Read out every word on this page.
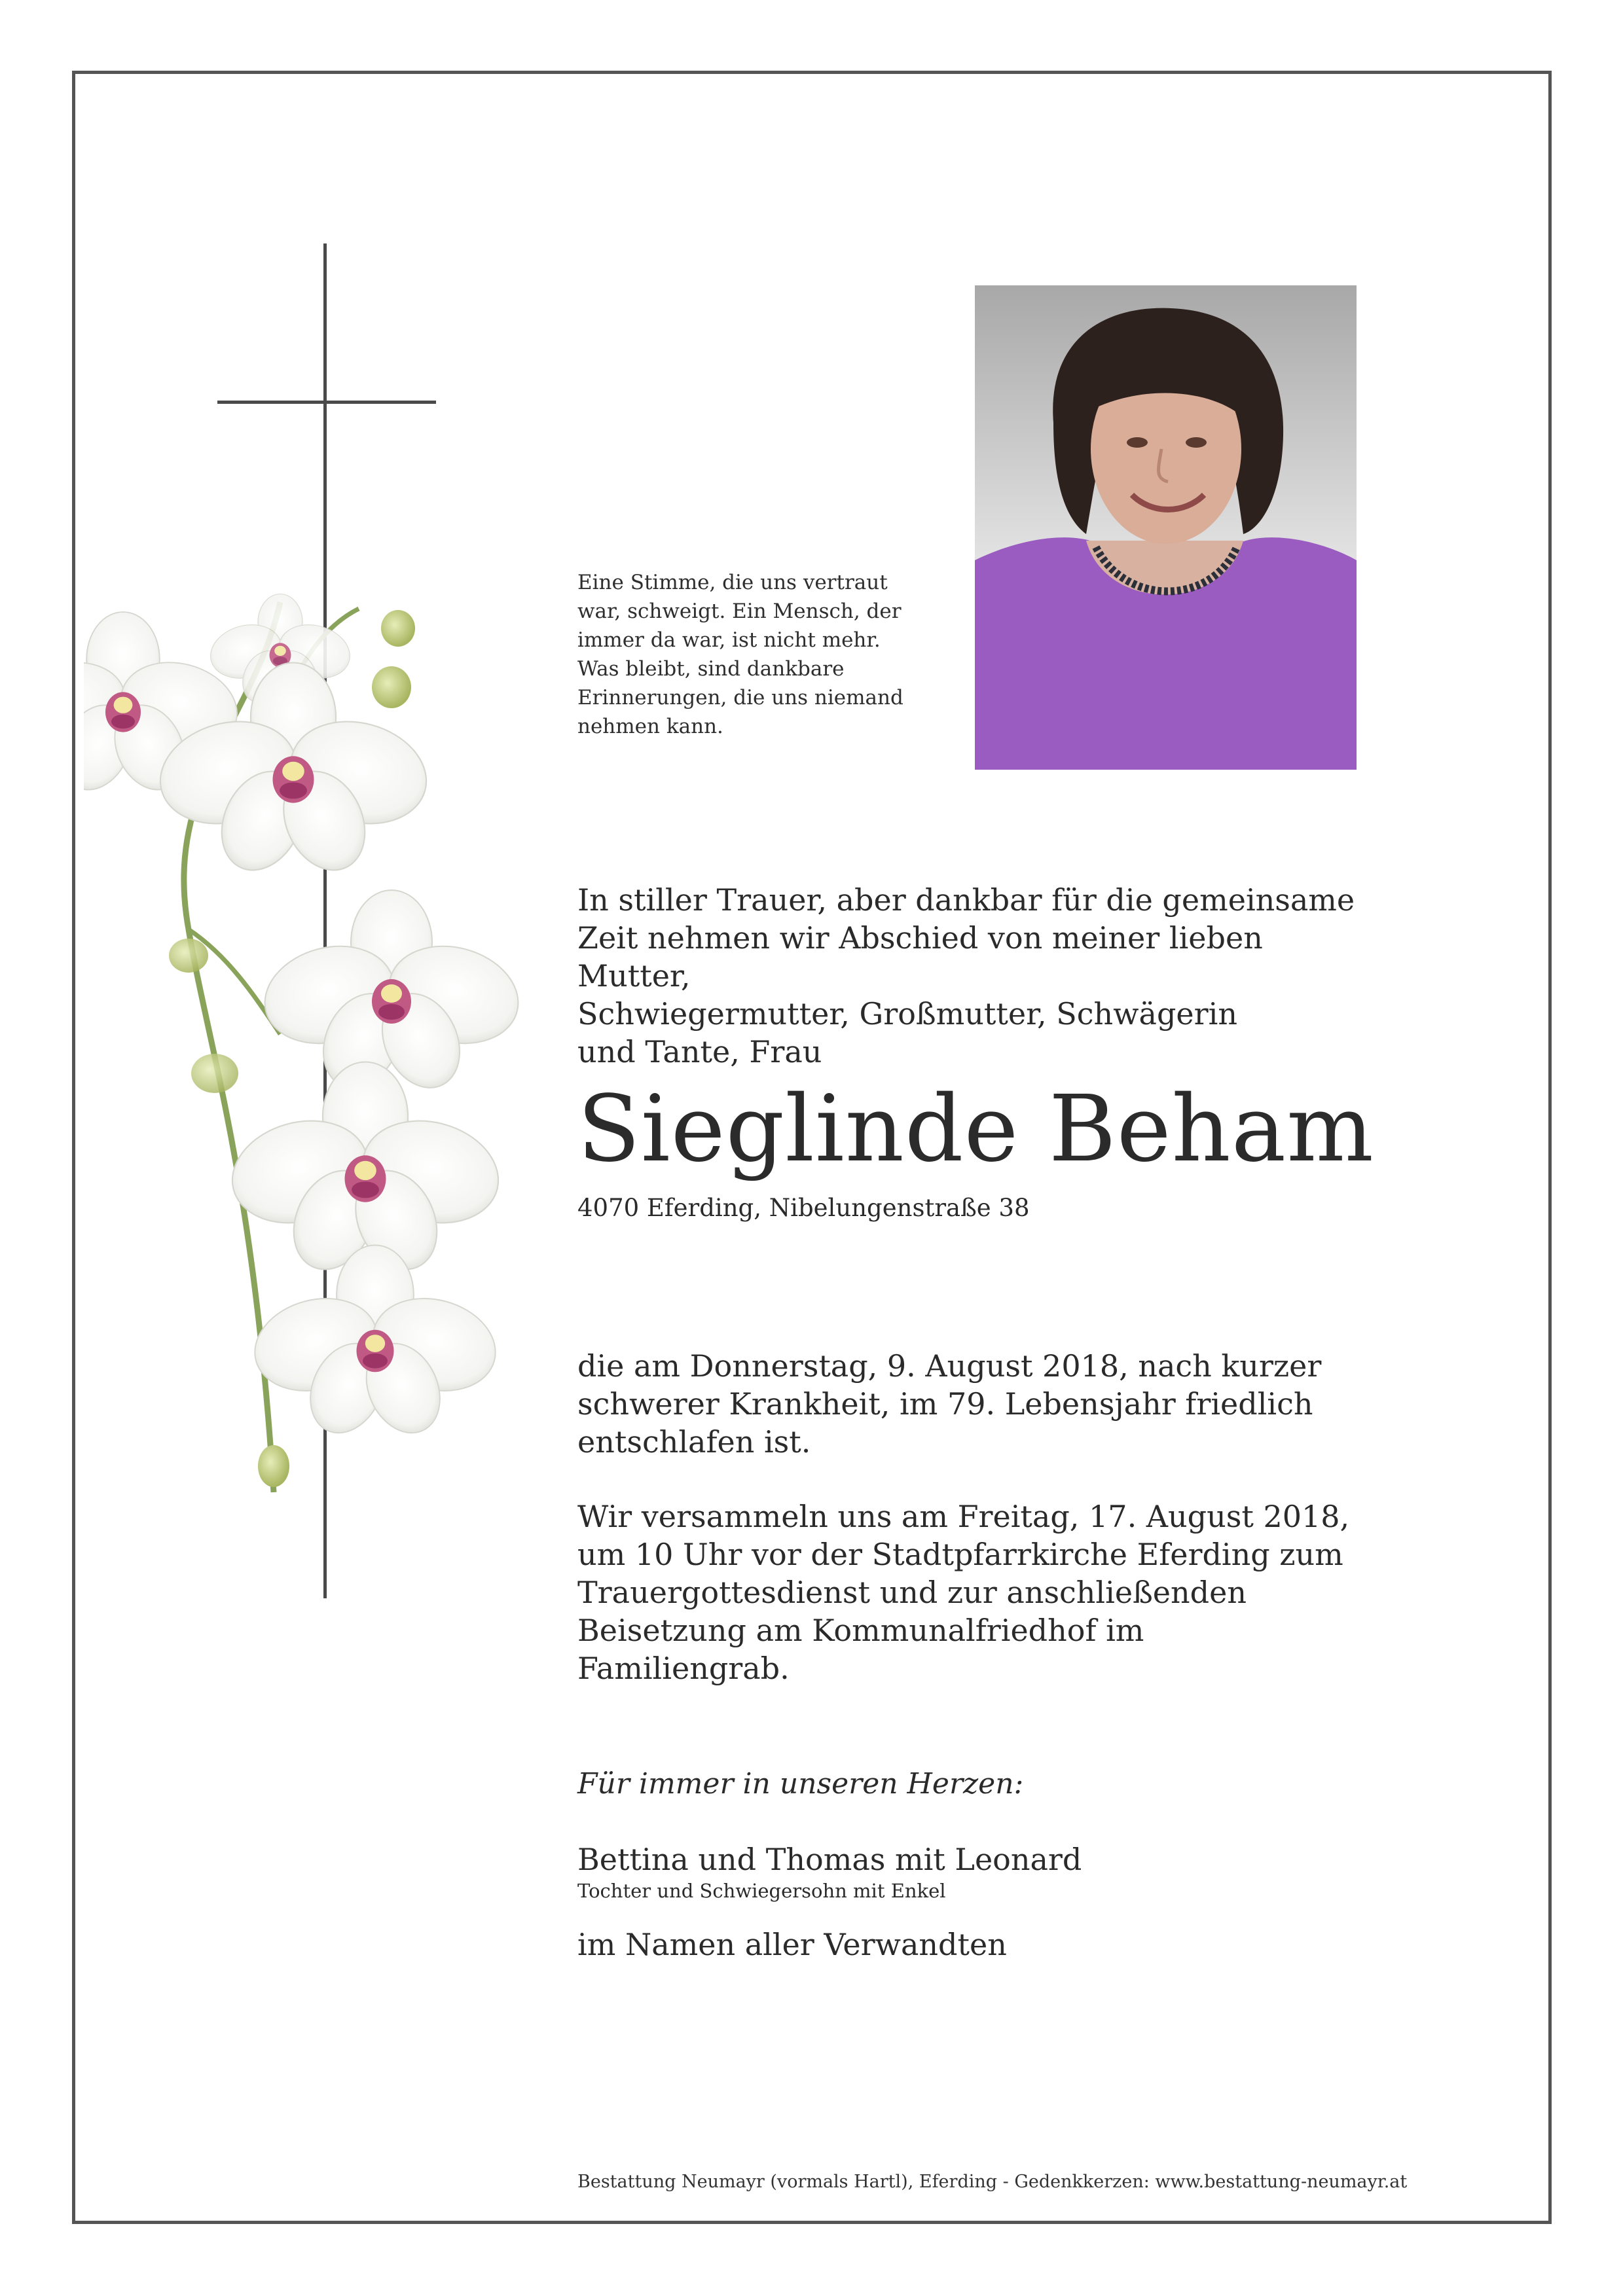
Eine Stimme, die uns vertraut
war, schweigt. Ein Mensch, der
immer da war, ist nicht mehr.
Was bleibt, sind dankbare
Erinnerungen, die uns niemand
nehmen kann.
In stiller Trauer, aber dankbar für die gemeinsame
Zeit nehmen wir Abschied von meiner lieben Mutter,
Schwiegermutter, Großmutter, Schwägerin
und Tante, Frau
Sieglinde Beham
4070 Eferding, Nibelungenstraße 38
die am Donnerstag, 9. August 2018, nach kurzer
schwerer Krankheit, im 79. Lebensjahr friedlich
entschlafen ist.
Wir versammeln uns am Freitag, 17. August 2018,
um 10 Uhr vor der Stadtpfarrkirche Eferding zum
Trauergottesdienst und zur anschließenden
Beisetzung am Kommunalfriedhof im Familiengrab.
Für immer in unseren Herzen:
Bettina und Thomas mit Leonard
Tochter und Schwiegersohn mit Enkel
im Namen aller Verwandten
Bestattung Neumayr (vormals Hartl), Eferding - Gedenkkerzen: www.bestattung-neumayr.at
